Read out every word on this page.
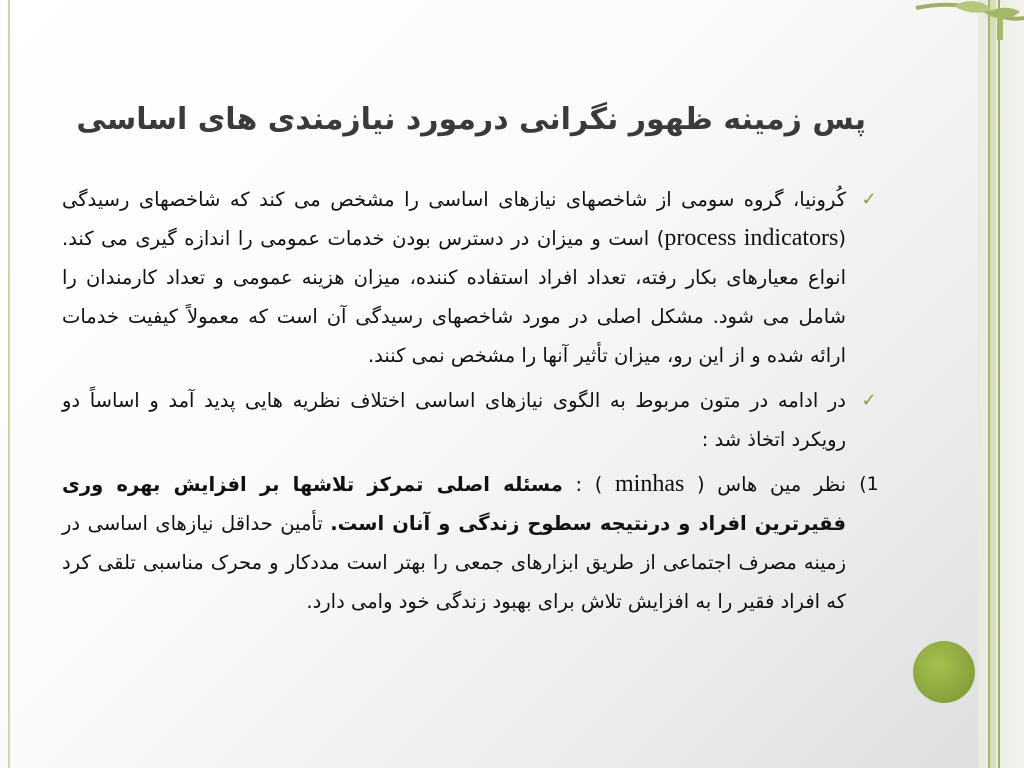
پس زمینه ظهور نگرانی درمورد نیازمندی های اساسی
✓
کُرونیا، گروه سومی از شاخصهای نیازهای اساسی را مشخص می کند که شاخصهای رسیدگی (process indicators) است و میزان در دسترس بودن خدمات عمومی را اندازه گیری می کند. انواع معیارهای بکار رفته، تعداد افراد استفاده کننده، میزان هزینه عمومی و تعداد کارمندان را شامل می شود. مشکل اصلی در مورد شاخصهای رسیدگی آن است که معمولاً کیفیت خدمات ارائه شده و از این رو، میزان تأثیر آنها را مشخص نمی کنند.
✓
در ادامه در متون مربوط به الگوی نیازهای اساسی اختلاف نظریه هایی پدید آمد و اساساً دو رویکرد اتخاذ شد :
1)
نظر مین هاس ( minhas ) : مسئله اصلی تمرکز تلاشها بر افزایش بهره وری فقیرترین افراد و درنتیجه سطوح زندگی و آنان است. تأمین حداقل نیازهای اساسی در زمینه مصرف اجتماعی از طریق ابزارهای جمعی را بهتر است مددکار و محرک مناسبی تلقی کرد که افراد فقیر را به افزایش تلاش برای بهبود زندگی خود وامی دارد.
